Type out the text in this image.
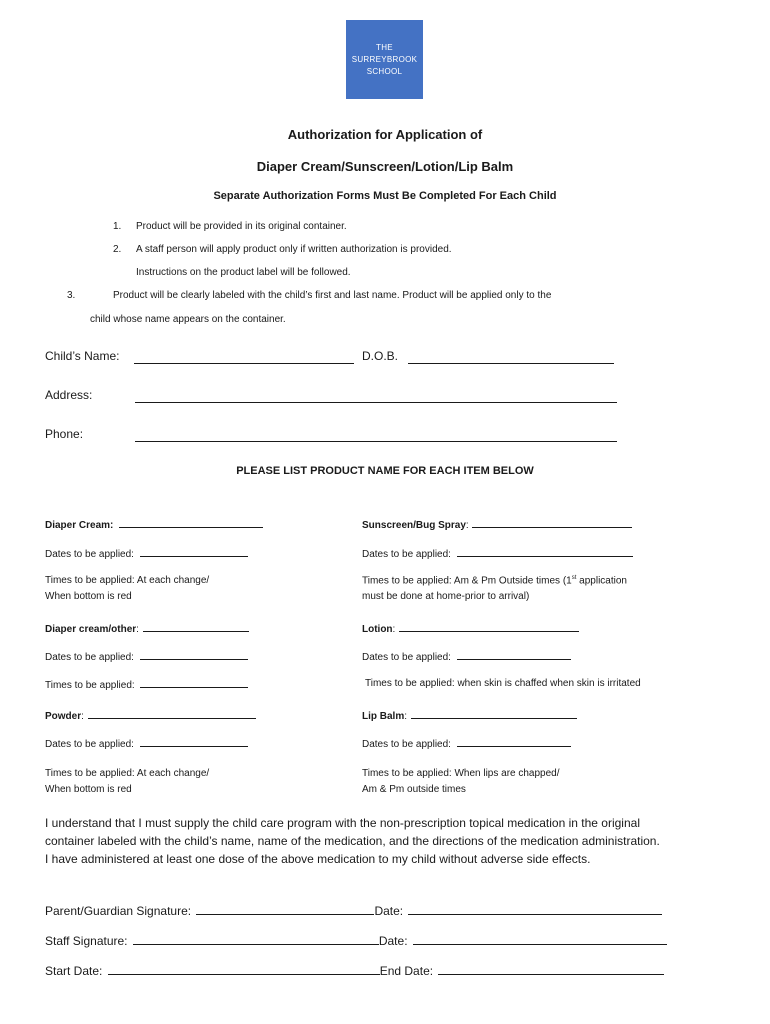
THE
SURREYBROOK
SCHOOL
Authorization for Application of
Diaper Cream/Sunscreen/Lotion/Lip Balm
Separate Authorization Forms Must Be Completed For Each Child
1. Product will be provided in its original container.
2. A staff person will apply product only if written authorization is provided.
Instructions on the product label will be followed.
3.	Product will be clearly labeled with the child’s first and last name. Product will be applied only to the
child whose name appears on the container.
Child’s Name:	D.O.B.
Address:
Phone:
PLEASE LIST PRODUCT NAME FOR EACH ITEM BELOW
Diaper Cream:
Dates to be applied:
Times to be applied: At each change/
When bottom is red
Diaper cream/other:
Dates to be applied:
Times to be applied:
Powder:
Dates to be applied:
Times to be applied: At each change/
When bottom is red
Sunscreen/Bug Spray:
Dates to be applied:
Times to be applied: Am & Pm Outside times (1st application
must be done at home-prior to arrival)
Lotion:
Dates to be applied:
Times to be applied: when skin is chaffed when skin is irritated
Lip Balm:
Dates to be applied:
Times to be applied: When lips are chapped/
Am & Pm outside times
I understand that I must supply the child care program with the non-prescription topical medication in the original
container labeled with the child’s name, name of the medication, and the directions of the medication administration.
I have administered at least one dose of the above medication to my child without adverse side effects.
Parent/Guardian Signature:	Date:
Staff Signature:	Date:
Start Date:	End Date:
